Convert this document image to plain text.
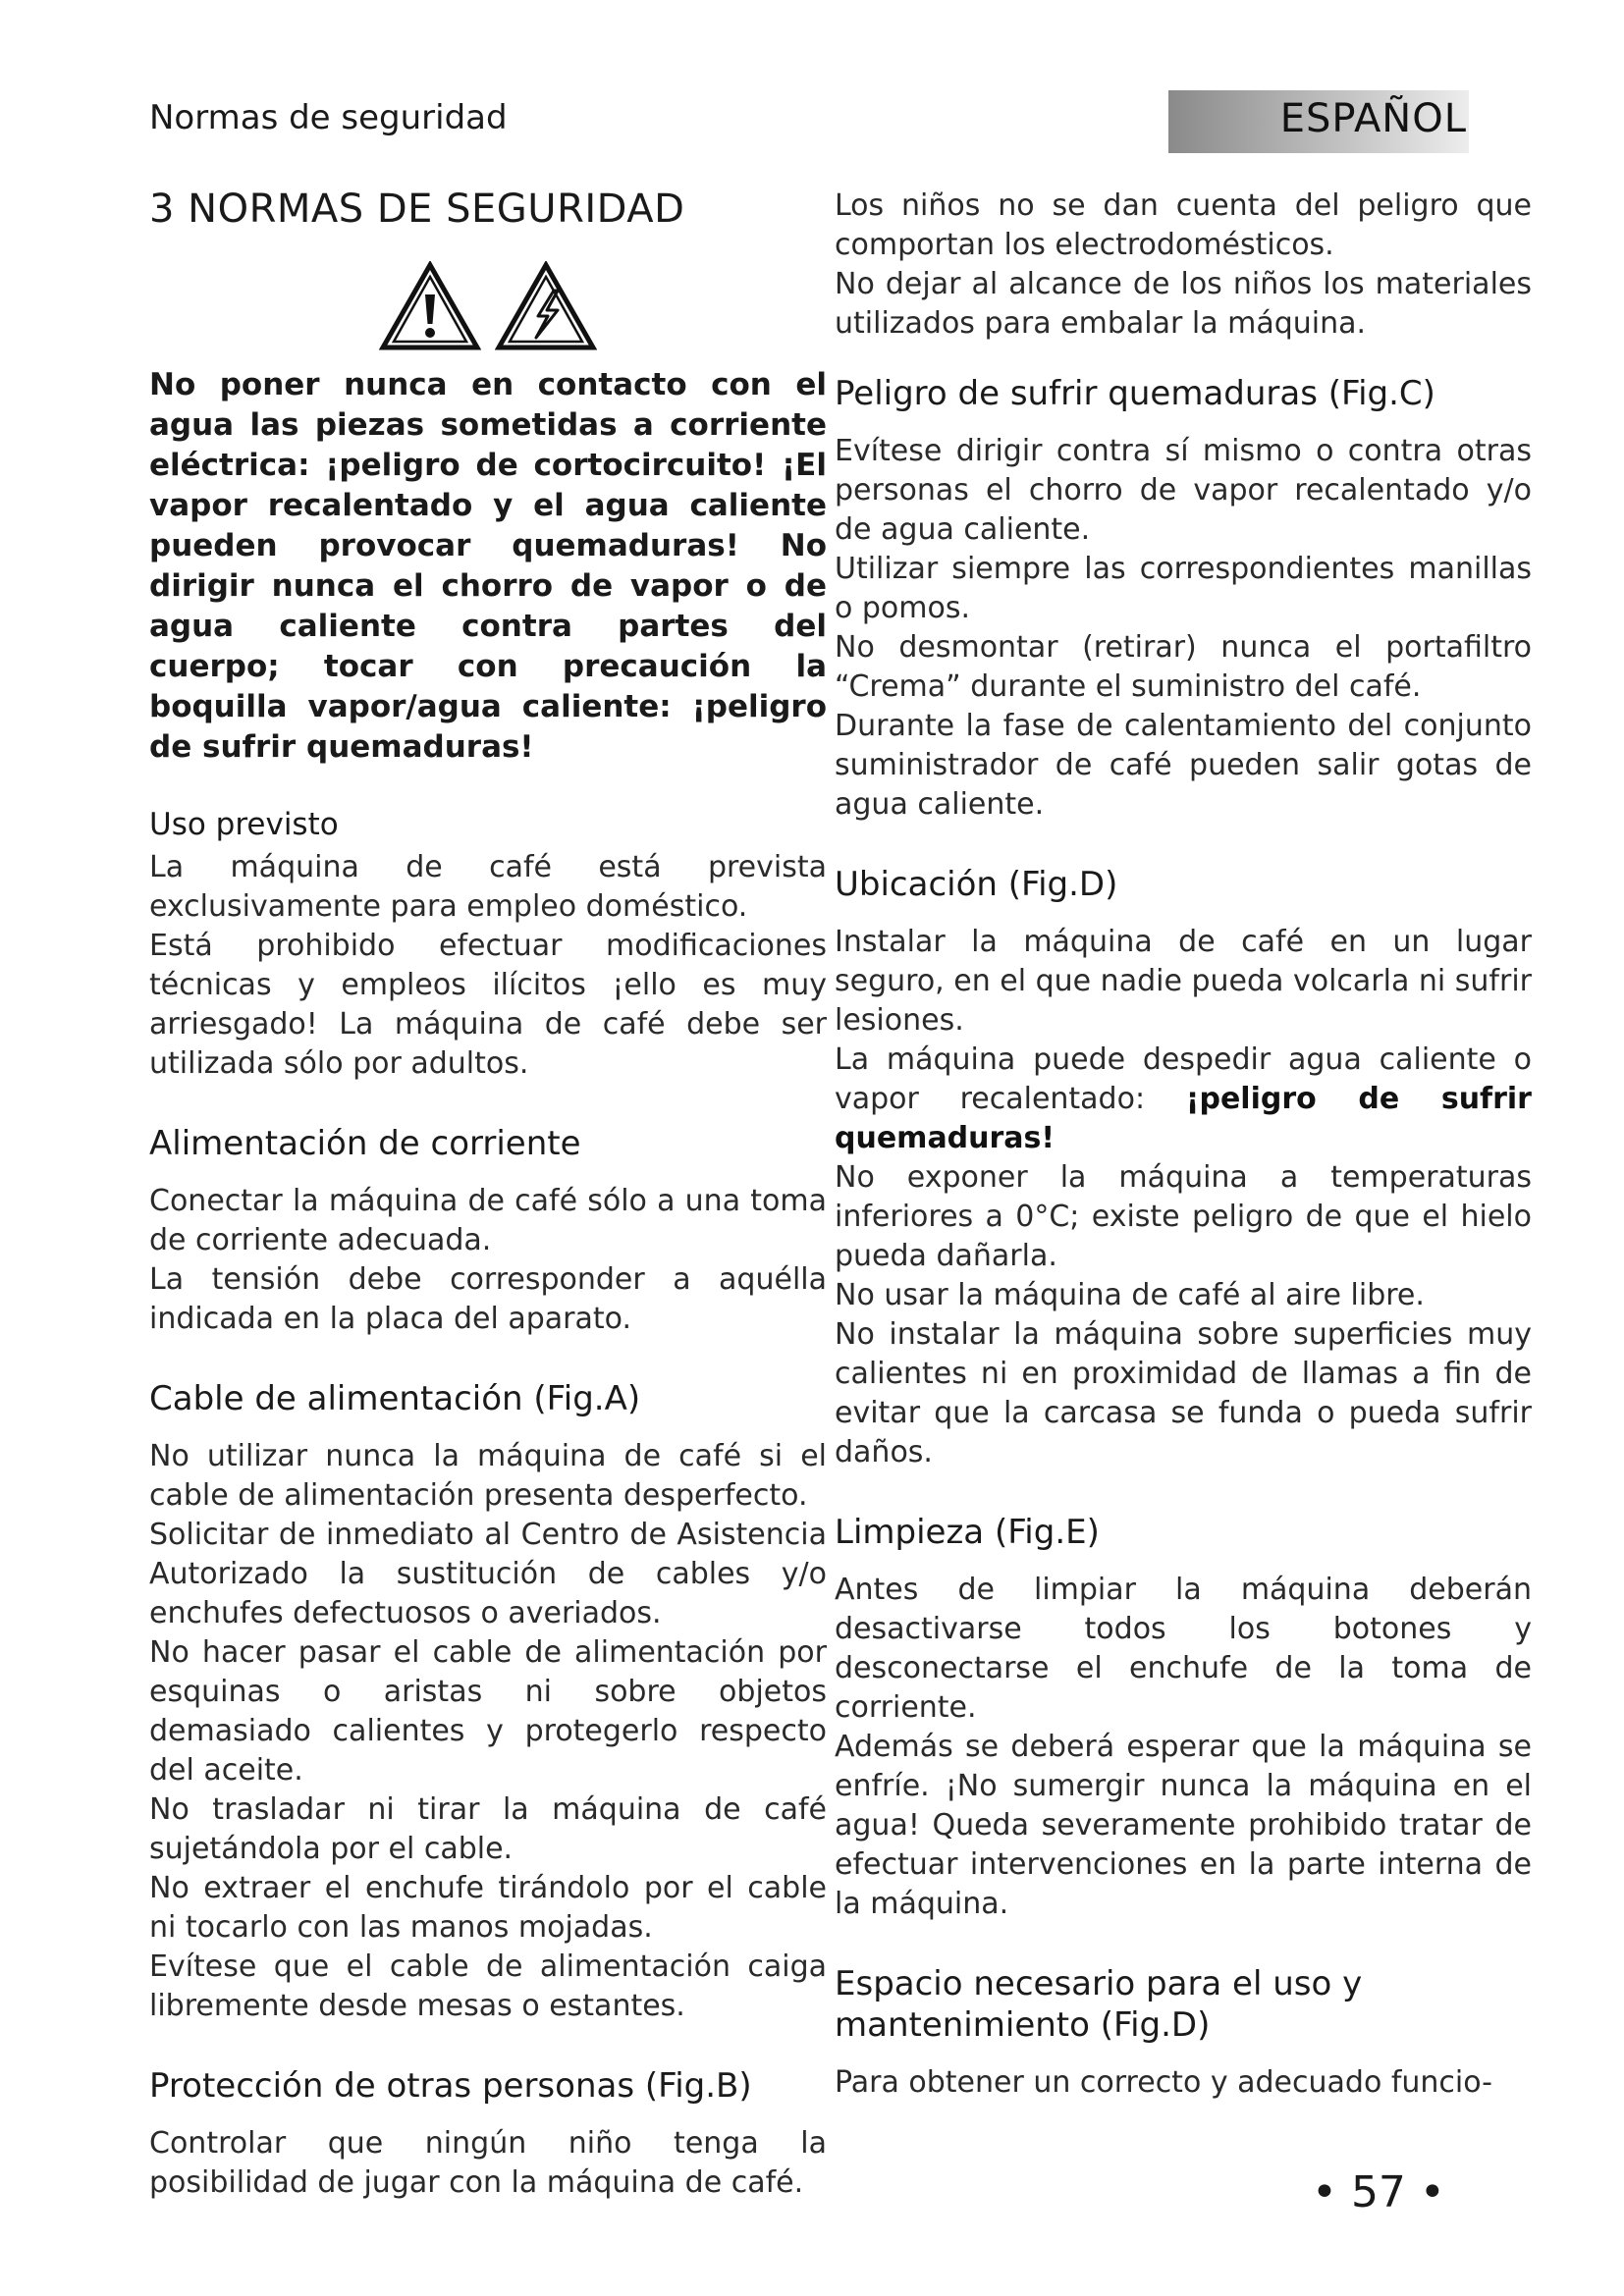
Normas de seguridad	ESPAÑOL
3 NORMAS DE SEGURIDAD

No poner nunca en contacto con el agua las piezas sometidas a corriente eléctrica: ¡peligro de cortocircuito! ¡El vapor recalentado y el agua caliente pueden provocar quemaduras! No dirigir nunca el chorro de vapor o de agua caliente contra partes del cuerpo; tocar con precaución la boquilla vapor/agua caliente: ¡peligro de sufrir quemaduras!

Uso previsto

La máquina de café está prevista exclusivamente para empleo doméstico.

Está prohibido efectuar modificaciones técnicas y empleos ilícitos ¡ello es muy arriesgado! La máquina de café debe ser utilizada sólo por adultos.

Alimentación de corriente

Conectar la máquina de café sólo a una toma de corriente adecuada.

La tensión debe corresponder a aquélla indicada en la placa del aparato.

Cable de alimentación (Fig.A)

No utilizar nunca la máquina de café si el cable de alimentación presenta desperfecto.

Solicitar de inmediato al Centro de Asistencia Autorizado la sustitución de cables y/o enchufes defectuosos o averiados.

No hacer pasar el cable de alimentación por esquinas o aristas ni sobre objetos demasiado calientes y protegerlo respecto del aceite.

No trasladar ni tirar la máquina de café sujetándola por el cable.

No extraer el enchufe tirándolo por el cable ni tocarlo con las manos mojadas.

Evítese que el cable de alimentación caiga libremente desde mesas o estantes.

Protección de otras personas (Fig.B)

Controlar que ningún niño tenga la posibilidad de jugar con la máquina de café.

Los niños no se dan cuenta del peligro que comportan los electrodomésticos.

No dejar al alcance de los niños los materiales utilizados para embalar la máquina.

Peligro de sufrir quemaduras (Fig.C)

Evítese dirigir contra sí mismo o contra otras personas el chorro de vapor recalentado y/o de agua caliente.

Utilizar siempre las correspondientes manillas o pomos.

No desmontar (retirar) nunca el portafiltro “Crema” durante el suministro del café.

Durante la fase de calentamiento del conjunto suministrador de café pueden salir gotas de agua caliente.

Ubicación (Fig.D)

Instalar la máquina de café en un lugar seguro, en el que nadie pueda volcarla ni sufrir lesiones.

La máquina puede despedir agua caliente o vapor recalentado: ¡peligro de sufrir quemaduras!

No exponer la máquina a temperaturas inferiores a 0°C; existe peligro de que el hielo pueda dañarla.

No usar la máquina de café al aire libre.

No instalar la máquina sobre superficies muy calientes ni en proximidad de llamas a fin de evitar que la carcasa se funda o pueda sufrir daños.

Limpieza (Fig.E)

Antes de limpiar la máquina deberán desactivarse todos los botones y desconectarse el enchufe de la toma de corriente.

Además se deberá esperar que la máquina se enfríe. ¡No sumergir nunca la máquina en el agua! Queda severamente prohibido tratar de efectuar intervenciones en la parte interna de la máquina.

Espacio necesario para el uso y mantenimiento (Fig.D)

Para obtener un correcto y adecuado funcio-

• 57 •
